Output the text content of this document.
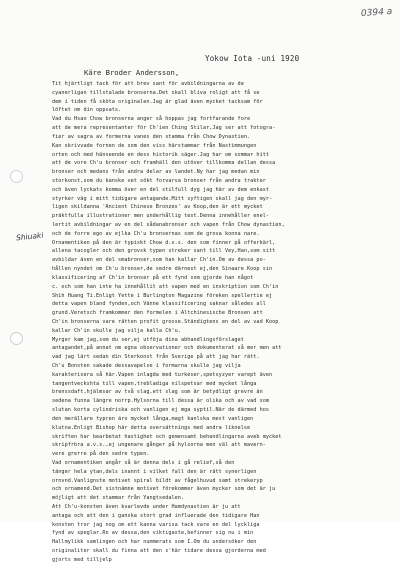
0394 a
Yokow Iota -uni 1920
Käre Broder Andersson,
Shiuaki
Tit hjärtligt tack för att brev sant för avbildningarna av de
cyanerligan tillstalade bronserna.Det skall bliva roligt att få se
dem i tiden få sköta originalen.Jag är glad även mycket tacksam för
löftet om din oppsats.
Vad du Hsao Chow bronserna anger så hoppas jag fortfarande fore
att de mera representanter för Ch'ien Ching Stilar,Jag ser att fotogra-
fier av sagra av formerna vanes den stamma från Chow Dynastien.
Kan skrivvade fornen de som den viss härstammar från Nastimmungen
orten och med hänseende en dess historik säger.Jag har om sommar hitt
att de vore Ch'u bronser och framhäll den utöver tillkomma dellan dessa
bronser och medans från andra delar av landet.Ny har jag medan min
storkonst,som du kanske vet sökt forvarva bronser från andra trakter
och även lyckats komma över en del stilfull dyg jag här av dem enkast
styrker väg i mitt tidigare antagande.Mitt syftigen skall jag den myr-
ligen skildanna 'Ancient Chinese Bronzes' av Koop,den är ett mycket
präktfulla illustrationer men underhållig text.Denna innehåller enel-
lertit avbildningar av en del sådanabronser och vapen från Chow dynastien,
och de forre ego av ejlka Ch'u bronsernas som de grova konna nare.
Ornamentiken på den är typiskt Chow d.v.s. den som finner på offerkärl,
allena tacogler och den grovsk typen streker sant till Vey,Han,som sitt
avbildar även en del smabronser,som han kallar Ch'in.Om av dessa po-
hållen nyndet om Ch'u bronser,de sedre därnest ej,den Sinaare Koop sin
klassificering af Ch'in bronser på ett fynd som gjorde han något
c. och som han inte ha innehållit att vapen med en inskription som Ch'in
Shih Huang Ti.Enligt Yette i Burlington Magazine föreken spellertie ej
detta vapen bland fynden,och Vänne klassificering saknar således all
grund.Veretsch framkommer den formelen i Altchinesische Bronsen att
Ch'in bronserna vare rätten profit grosse.Ständigtens en del av vad Koop
kallar Ch'in skulle jag vilja kalla Ch'u.
Myrger kam jag,som du ser,ej utföja dina abhandlingsförslaget
antagandet,på annat om egna observationer och dokumenterat så mer men att
vad jag lärt sedan din Sterkonst från Sverige på att jag har rätt.
Ch'u Bonsten sakade dessavapelse i formarna skulle jag vilja
karakterisera så här.Vapen inlagda med turkeser,spetsyzyer varept även
tangentveckshta till vapen,trebladiga nilspetsar med mycket långa
brenssdaft,hjälmsar av två slag,ett slag som är betydligt grevre än
sedena funna längre norrp.Hylsorna till dessa är olika och av vad som
slutan korta cylindriska och vanligen ej mga syptil.När de därmed hos
den merällare typren äro mycket långa,magt kanlska mest vanligen
klutna.Enligt Bishop här detta oversättnings med andra liknelse
skriften har bearbetat hastighet och gemensamt behandlingarna aveb mycket
skripfrbra a.v.s.,ej ungenare gånger på hylsorna men väl att mavern-
vere grerre på den sedre typen.
Vad ornamentiken angår så är denna dels i gå relief,så den
tänger hela ytan,dels inannt i vilket fall den är rätt synerligen
ornvnd.Vanlignste motivet spiral bildt av fågelhuvud samt strekeryp
och ornamend.Det sistnämne motivet förekommer även mycker som det är ju
möjligt att det stammar från Yangtsedalen.
Att Ch'u-konsten även kvarlevde under Hamdynastien är ju att
antaga och att den i ganska stort grad influerade den tidigare Han
konsten tror jag nog om ett kanna varisa tack vare en del lyckliga
fynd av speglar.Rn av dessa,den viktigaste,befinner sig nu i min
Hallmylikk samlingen och har nummerats som I.Om du undersöker den
originaliter skall du finna att den s'här tidare dessa gjorderna med
gjorts med tilljelp
